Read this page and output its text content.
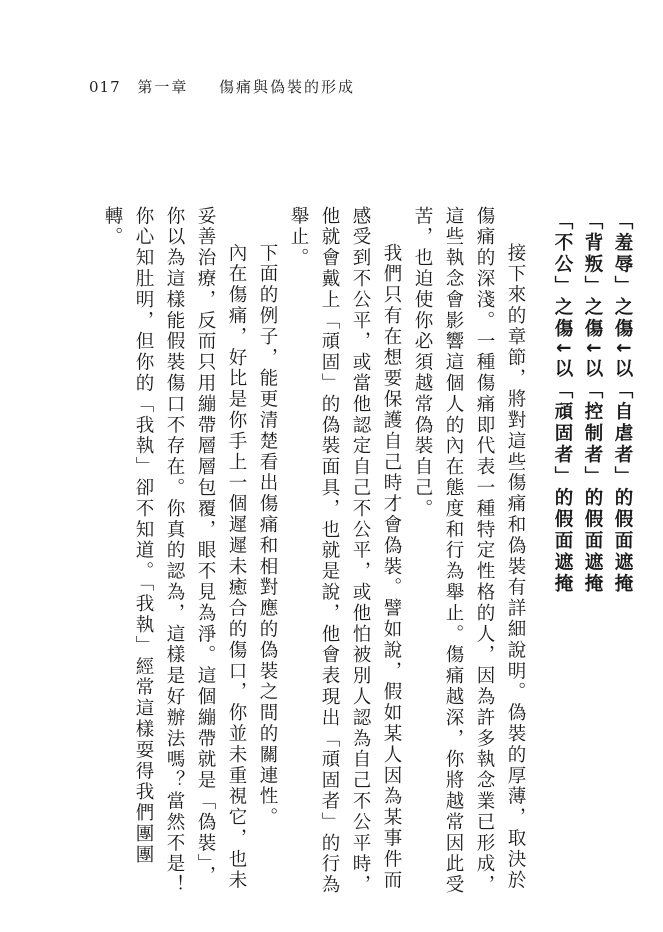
017 第一章 　 傷痛與偽裝的形成

「羞辱」之傷↓以「自虐者」的假面遮掩

「背叛」之傷↓以「控制者」的假面遮掩

「不公」之傷↓以「頑固者」的假面遮掩

接下來的章節，將對這些傷痛和偽裝有詳細說明。偽裝的厚薄，取決於傷痛的深淺。一種傷痛即代表一種特定性格的人，因為許多執念業已形成，這些執念會影響這個人的內在態度和行為舉止。傷痛越深，你將越常因此受苦，也迫使你必須越常偽裝自己。

我們只有在想要保護自己時才會偽裝。譬如說，假如某人因為某事件而感受到不公平，或當他認定自己不公平，或他怕被別人認為自己不公平時，他就會戴上「頑固」的偽裝面具，也就是說，他會表現出「頑固者」的行為舉止。

下面的例子，能更清楚看出傷痛和相對應的偽裝之間的關連性。

內在傷痛，好比是你手上一個遲遲未癒合的傷口，你並未重視它，也未妥善治療，反而只用繃帶層層包覆，眼不見為淨。這個繃帶就是「偽裝」，你以為這樣能假裝傷口不存在。你真的認為，這樣是好辦法嗎？當然不是！你心知肚明，但你的「我執」卻不知道。「我執」經常這樣耍得我們團團轉。
